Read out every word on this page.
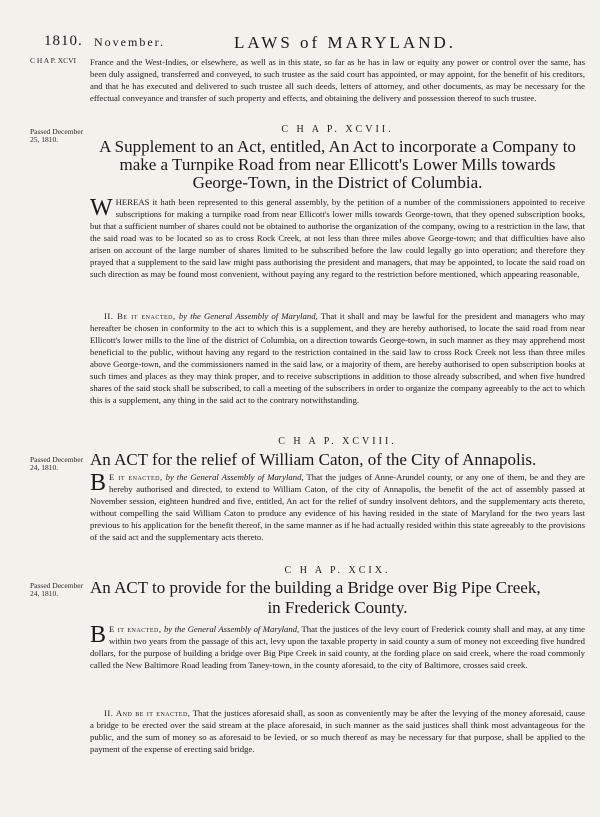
1810. November.	LAWS of MARYLAND.
C H A P. XCVI	France and the West-Indies, or elsewhere, as well as in this state, so far as he has in law or equity any power or control over the same, has been duly assigned, transferred and conveyed, to such trustee as the said court has appointed, or may appoint, for the benefit of his creditors, and that he has executed and delivered to such trustee all such deeds, letters of attorney, and other documents, as may be necessary for the effectual conveyance and transfer of such property and effects, and obtaining the delivery and possession thereof to such trustee.

Passed December 25, 1810.
C H A P. XCVII.
A Supplement to an Act, entitled, An Act to incorporate a Company to make a Turnpike Road from near Ellicott's Lower Mills towards George-Town, in the District of Columbia.

WHEREAS it hath been represented to this general assembly, by the petition of a number of the commissioners appointed to receive subscriptions for making a turnpike road from near Ellicott's lower mills towards George-town, that they opened subscription books, but that a sufficient number of shares could not be obtained to authorise the organization of the company, owing to a restriction in the law, that the said road was to be located so as to cross Rock Creek, at not less than three miles above George-town; and that difficulties have also arisen on account of the large number of shares limited to be subscribed before the law could legally go into operation; and therefore they prayed that a supplement to the said law might pass authorising the president and managers, that may be appointed, to locate the said road on such direction as may be found most convenient, without paying any regard to the restriction before mentioned, which appearing reasonable,

II. Be it enacted, by the General Assembly of Maryland, That it shall and may be lawful for the president and managers who may hereafter be chosen in conformity to the act to which this is a supplement, and they are hereby authorised, to locate the said road from near Ellicott's lower mills to the line of the district of Columbia, on a direction towards George-town, in such manner as they may apprehend most beneficial to the public, without having any regard to the restriction contained in the said law to cross Rock Creek not less than three miles above George-town, and the commissioners named in the said law, or a majority of them, are hereby authorised to open subscription books at such times and places as they may think proper, and to receive subscriptions in addition to those already subscribed, and when five hundred shares of the said stock shall be subscribed, to call a meeting of the subscribers in order to organize the company agreeably to the act to which this is a supplement, any thing in the said act to the contrary notwithstanding.

C H A P. XCVIII.
Passed December 24, 1810.	An ACT for the relief of William Caton, of the City of Annapolis.

B E it enacted, by the General Assembly of Maryland, That the judges of Anne-Arundel county, or any one of them, be and they are hereby authorised and directed, to extend to William Caton, of the city of Annapolis, the benefit of the act of assembly passed at November session, eighteen hundred and five, entitled, An act for the relief of sundry insolvent debtors, and the supplementary acts thereto, without compelling the said William Caton to produce any evidence of his having resided in the state of Maryland for the two years last previous to his application for the benefit thereof, in the same manner as if he had actually resided within this state agreeably to the provisions of the said act and the supplementary acts thereto.

C H A P. XCIX.
Passed December 24, 1810.	An ACT to provide for the building a Bridge over Big Pipe Creek,
in Frederick County.

B E it enacted, by the General Assembly of Maryland, That the justices of the levy court of Frederick county shall and may, at any time within two years from the passage of this act, levy upon the taxable property in said county a sum of money not exceeding five hundred dollars, for the purpose of building a bridge over Big Pipe Creek in said county, at the fording place on said creek, where the road commonly called the New Baltimore Road leading from Taney-town, in the county aforesaid, to the city of Baltimore, crosses said creek.

II. And be it enacted, That the justices aforesaid shall, as soon as conveniently may be after the levying of the money aforesaid, cause a bridge to be erected over the said stream at the place aforesaid, in such manner as the said justices shall think most advantageous for the public, and the sum of money so as aforesaid to be levied, or so much thereof as may be necessary for that purpose, shall be applied to the payment of the expense of erecting said bridge.
